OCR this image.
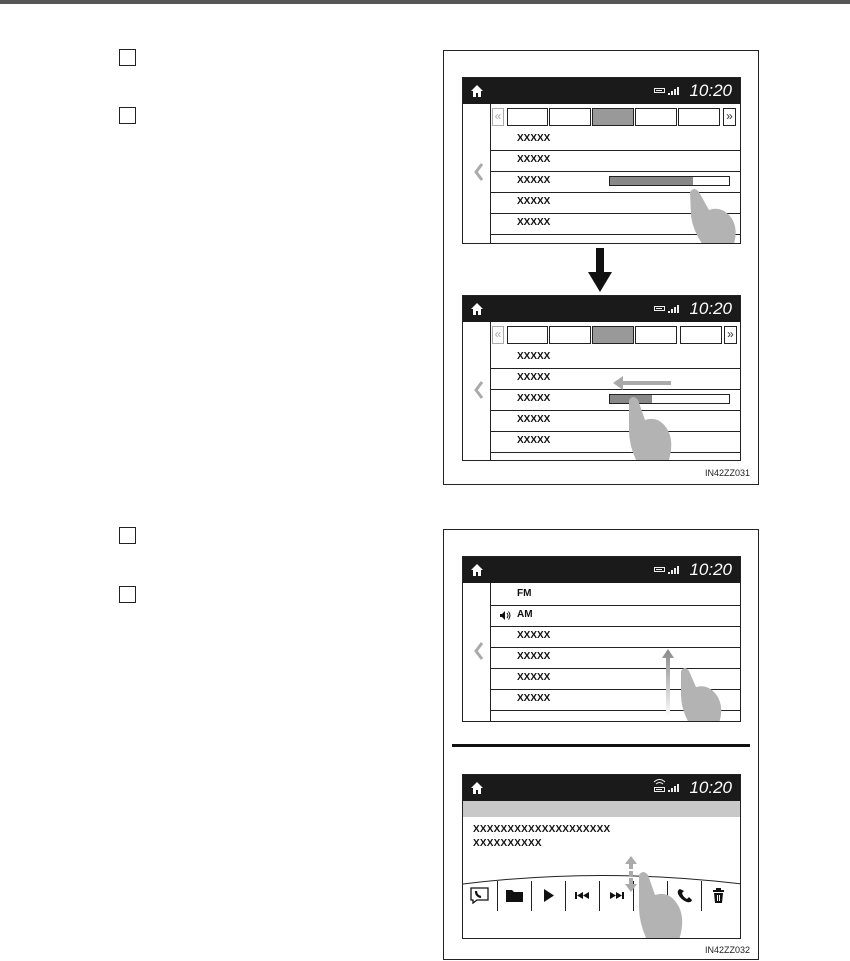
10:20
«	»
XXXXX
XXXXX
XXXXX
XXXXX
XXXXX
10:20
«	»
XXXXX
XXXXX
XXXXX
XXXXX
XXXXX
IN42ZZ031
10:20
FM
AM
XXXXX
XXXXX
XXXXX
XXXXX
10:20
XXXXXXXXXXXXXXXXXXXX
XXXXXXXXXX
IN42ZZ032
